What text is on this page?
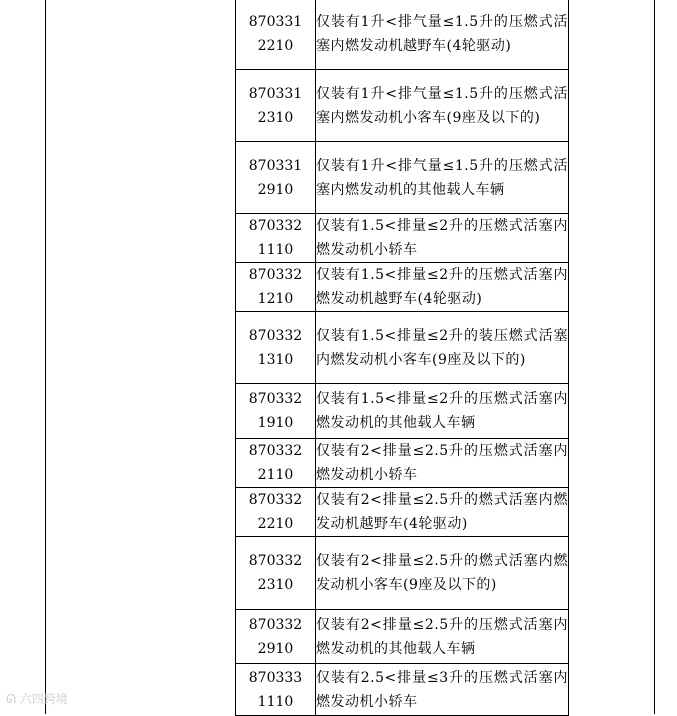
870331
2210	仅装有1升<排气量≤1.5升的压燃式活塞内燃发动机越野车(4轮驱动)

870331
2310	仅装有1升<排气量≤1.5升的压燃式活塞内燃发动机小客车(9座及以下的)

870331
2910	仅装有1升<排气量≤1.5升的压燃式活塞内燃发动机的其他载人车辆

870332
1110	仅装有1.5<排量≤2升的压燃式活塞内燃发动机小轿车

870332
1210	仅装有1.5<排量≤2升的压燃式活塞内燃发动机越野车(4轮驱动)

870332
1310	仅装有1.5<排量≤2升的装压燃式活塞内燃发动机小客车(9座及以下的)

870332
1910	仅装有1.5<排量≤2升的压燃式活塞内燃发动机的其他载人车辆

870332
2110	仅装有2<排量≤2.5升的压燃式活塞内燃发动机小轿车

870332
2210	仅装有2<排量≤2.5升的燃式活塞内燃发动机越野车(4轮驱动)

870332
2310	仅装有2<排量≤2.5升的燃式活塞内燃发动机小客车(9座及以下的)

870332
2910	仅装有2<排量≤2.5升的压燃式活塞内燃发动机的其他载人车辆

870333
1110	仅装有2.5<排量≤3升的压燃式活塞内燃发动机小轿车
ᘏ 六四跨境
